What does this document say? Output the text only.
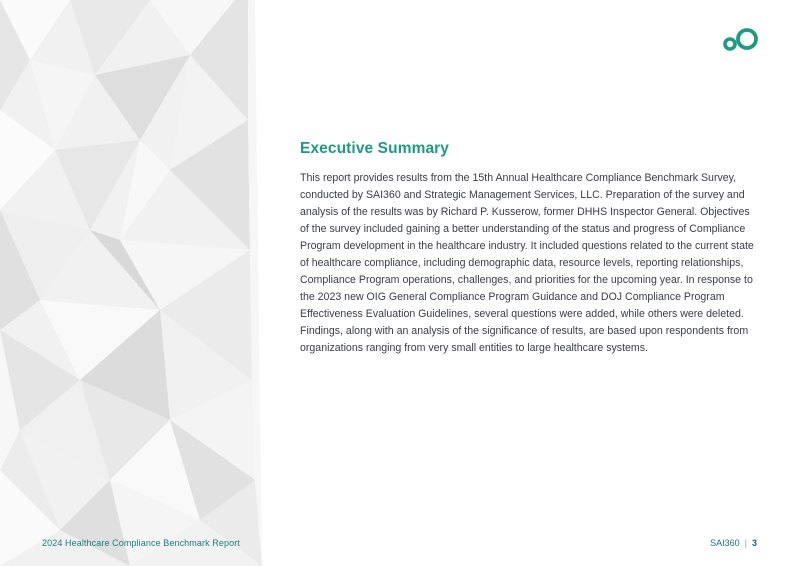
Executive Summary

This report provides results from the 15th Annual Healthcare Compliance Benchmark Survey, conducted by SAI360 and Strategic Management Services, LLC. Preparation of the survey and analysis of the results was by Richard P. Kusserow, former DHHS Inspector General. Objectives of the survey included gaining a better understanding of the status and progress of Compliance Program development in the healthcare industry. It included questions related to the current state of healthcare compliance, including demographic data, resource levels, reporting relationships, Compliance Program operations, challenges, and priorities for the upcoming year. In response to the 2023 new OIG General Compliance Program Guidance and DOJ Compliance Program Effectiveness Evaluation Guidelines, several questions were added, while others were deleted. Findings, along with an analysis of the significance of results, are based upon respondents from organizations ranging from very small entities to large healthcare systems.

2024 Healthcare Compliance Benchmark Report	SAI360 | 3
